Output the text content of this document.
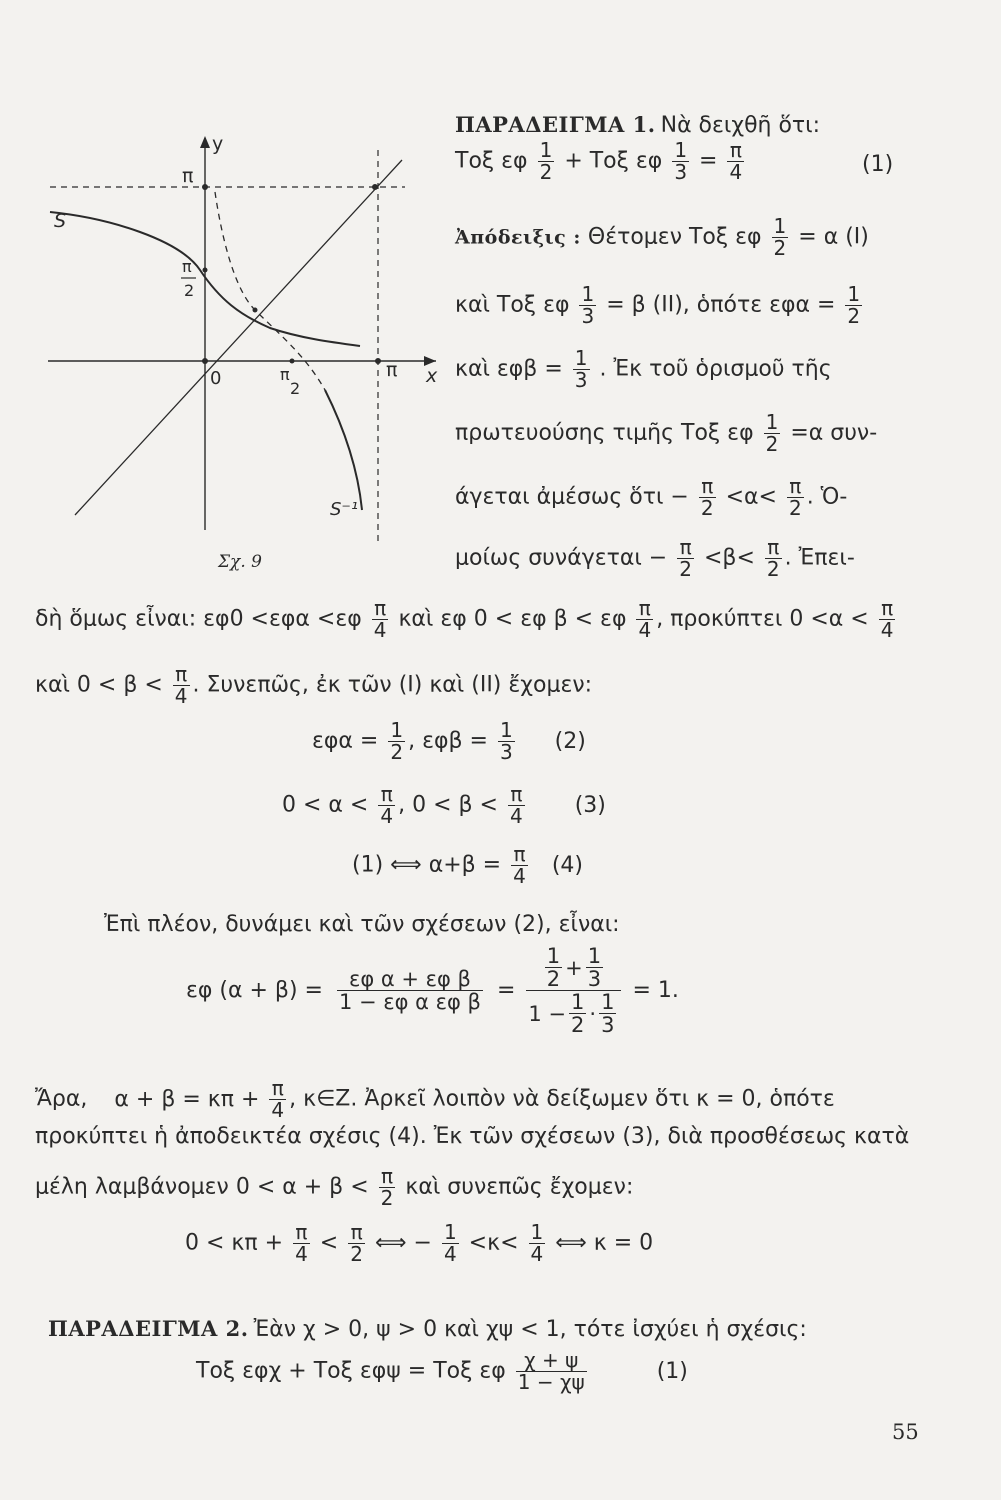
y
π
S
π
2
0	π
2
π x
S⁻¹
Σχ. 9
ΠΑΡΑΔΕΙΓΜΑ 1. Νὰ δειχθῆ ὅτι:
Τοξ εφ $\frac{1}{2} + To\xi$ εφ $\frac{1}{3} = \frac{\pi}{4}$	(1)
Ἀπόδειξις : Θέτομεν Τοξ εφ $\frac{1}{2} = \alpha$ (Ι)
καὶ Τοξ εφ $\frac{1}{3} = \beta$ (ΙΙ), ὁπότε $\varepsilon\varphi\alpha = \frac{1}{2}$
καὶ $\varepsilon\varphi\beta = \frac{1}{3}$ . Ἐκ τοῦ ὁρισμοῦ τῆς
πρωτευούσης τιμῆς Τοξ εφ $\frac{1}{2} =\alpha$ συν-
άγεται ἀμέσως ὅτι − $\frac{\pi}{2} <\alpha< \frac{\pi}{2}$ . Ὁ-
μοίως $\sigma\upsilon\nu ά\gamma\varepsilon\tau\alpha\iota - \frac{\pi}{2} <\beta< \frac{\pi}{2}$ . Ἐπει-
δὴ ὅμως εἶναι: $\varepsilon\varphi 0 <\varepsilon\varphi\alpha <\varepsilon\varphi \frac{\pi}{4}$ καὶ εφ 0 < εφ β < εφ $\frac{\pi}{4}$ , προκύπτει $0 <\alpha < \frac{\pi}{4}$
καὶ $0 < \beta < \frac{\pi}{4}$ . Συνεπῶς, ἐκ τῶν (Ι) καὶ (ΙΙ) ἔχομεν:
$\varepsilon\varphi\alpha = \frac{1}{2}$ , $\varepsilon\varphi\beta = \frac{1}{3} (2)$
$0 < \alpha < \frac{\pi}{4}$ , $0 < \beta < \frac{\pi}{4} (3)$
(1) ⟺ $\alpha+\beta = \frac{\pi}{4} (4)$
Ἐπὶ πλέον, δυνάμει καὶ τῶν σχέσεων (2), εἶναι:
εφ $(\alpha + \beta) = \frac{\text{εφ α + εφ β}}{\text{1 − εφ α εφ β}} = \frac{\frac{1}{2} + \frac{1}{3}}{1 - \frac{1}{2} \cdot \frac{1}{3}} = 1$.
Ἄρα, $\alpha + \beta = \kappa\pi + \frac{\pi}{4}$ , κ∈Ζ. Ἀρκεῖ λοιπὸν νὰ δείξωμεν ὅτι κ = 0, ὁπότε
προκύπτει ἡ ἀποδεικτέα σχέσις (4). Ἐκ τῶν σχέσεων (3), διὰ προσθέσεως κατὰ
μέλη λαμβάνομεν $0 < \alpha + \beta < \frac{\pi}{2}$ καὶ συνεπῶς ἔχομεν:
$0 < \kappa\pi + \frac{\pi}{4} < \frac{\pi}{2}$ ⟺ − $\frac{1}{4} <\kappa< \frac{1}{4}$ ⟺ κ = 0
ΠΑΡΑΔΕΙΓΜΑ 2. Ἐὰν χ > 0, ψ > 0 καὶ χψ < 1, τότε ἰσχύει ἡ σχέσις:
Τοξ εφχ + Τοξ εφψ = Τοξ εφ $\frac{\chi + \psi}{1 - \chi\psi}$	(1)
55
